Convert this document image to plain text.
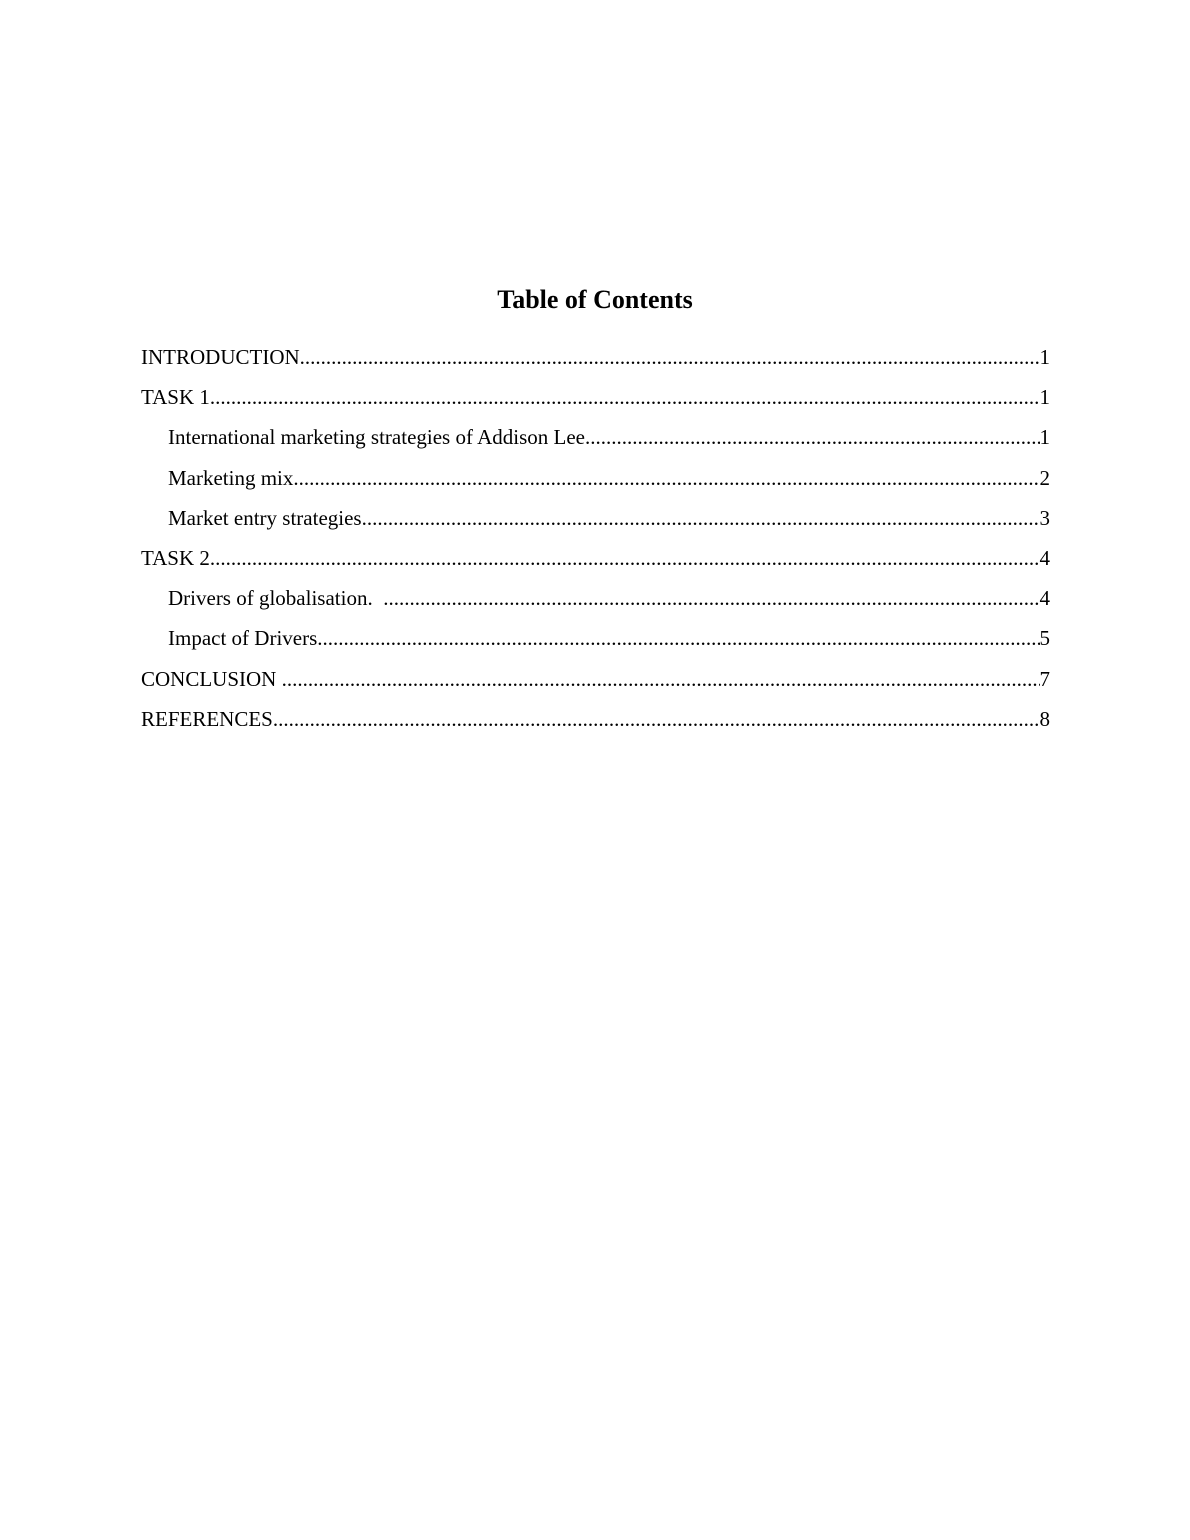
Table of Contents
INTRODUCTION .....	1
TASK 1 .....	1
International marketing strategies of Addison Lee .....	1
Marketing mix .....	2
Market entry strategies .....	3
TASK 2 .....	4
Drivers of globalisation. .....	4
Impact of Drivers .....	5
CONCLUSION .....	7
REFERENCES .....	8
